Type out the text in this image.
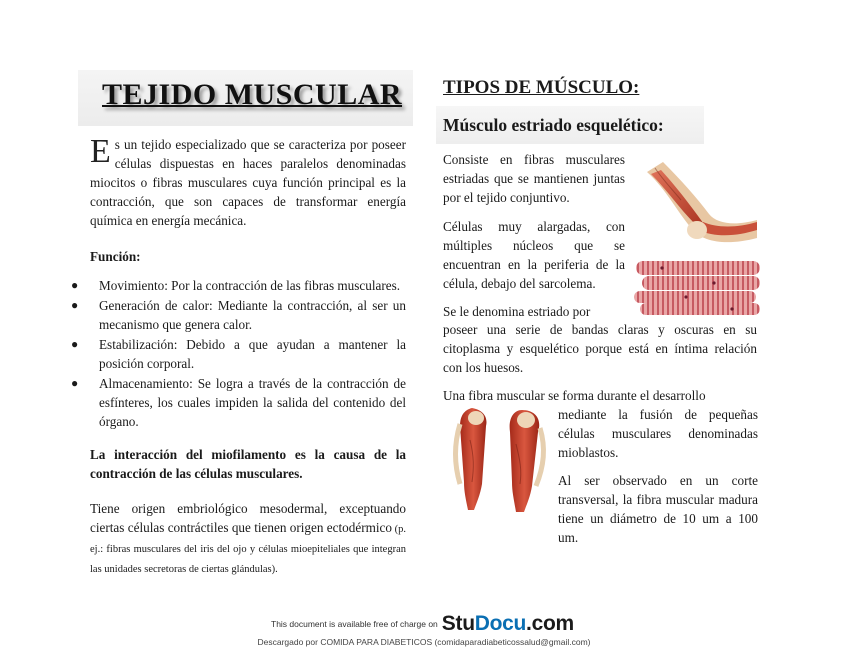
TEJIDO MUSCULAR

Es un tejido especializado que se caracteriza por poseer células dispuestas en haces paralelos denominadas miocitos o fibras musculares cuya función principal es la contracción, que son capaces de transformar energía química en energía mecánica.

Función:
● Movimiento: Por la contracción de las fibras musculares.
● Generación de calor: Mediante la contracción, al ser un mecanismo que genera calor.
● Estabilización: Debido a que ayudan a mantener la posición corporal.
● Almacenamiento: Se logra a través de la contracción de esfínteres, los cuales impiden la salida del contenido del órgano.

La interacción del miofilamento es la causa de la contracción de las células musculares.

Tiene origen embriológico mesodermal, exceptuando ciertas células contráctiles que tienen origen ectodérmico (p. ej.: fibras musculares del iris del ojo y células mioepiteliales que integran las unidades secretoras de ciertas glándulas).

TIPOS DE MÚSCULO:
Músculo estriado esquelético:

Consiste en fibras musculares estriadas que se mantienen juntas por el tejido conjuntivo.

Células muy alargadas, con múltiples núcleos que se encuentran en la periferia de la célula, debajo del sarcolema.

Se le denomina estriado por

poseer una serie de bandas claras y oscuras en su citoplasma y esquelético porque está en íntima relación con los huesos.

Una fibra muscular se forma durante el desarrollo

mediante la fusión de pequeñas células musculares denominadas mioblastos.

Al ser observado en un corte transversal, la fibra muscular madura tiene un diámetro de 10 um a 100 um.

This document is available free of charge on StuDocu.com
Descargado por COMIDA PARA DIABETICOS (comidaparadiabeticossalud@gmail.com)
